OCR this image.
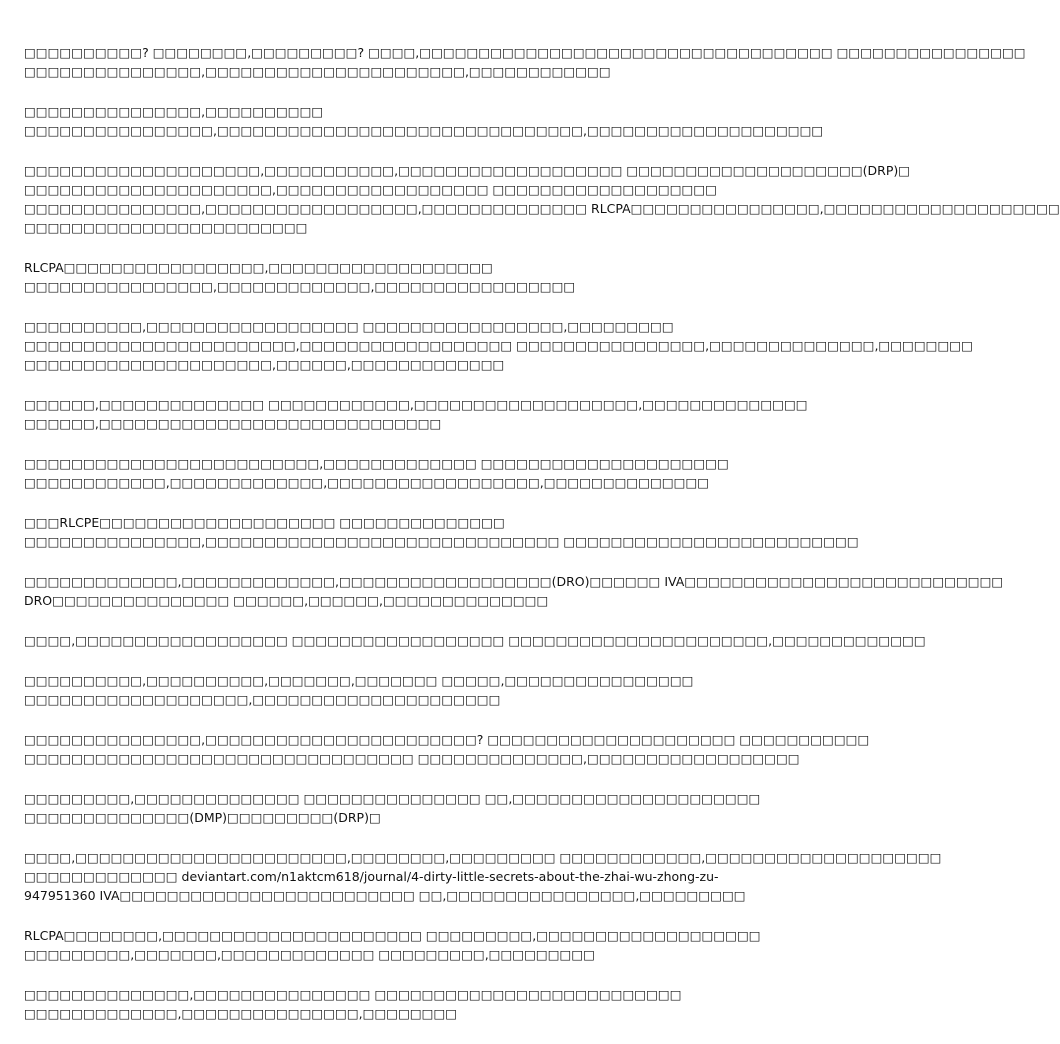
□□□□□□□□□□? □□□□□□□□,□□□□□□□□□? □□□□,□□□□□□□□□□□□□□□□□□□□□□□□□□□□□□□□□□□ □□□□□□□□□□□□□□□□
□□□□□□□□□□□□□□□,□□□□□□□□□□□□□□□□□□□□□□,□□□□□□□□□□□□

□□□□□□□□□□□□□□□,□□□□□□□□□□
□□□□□□□□□□□□□□□□,□□□□□□□□□□□□□□□□□□□□□□□□□□□□□□□,□□□□□□□□□□□□□□□□□□□□

□□□□□□□□□□□□□□□□□□□□,□□□□□□□□□□□,□□□□□□□□□□□□□□□□□□□ □□□□□□□□□□□□□□□□□□□□(DRP)□
□□□□□□□□□□□□□□□□□□□□□,□□□□□□□□□□□□□□□□□□ □□□□□□□□□□□□□□□□□□□
□□□□□□□□□□□□□□□,□□□□□□□□□□□□□□□□□□,□□□□□□□□□□□□□□ RLCPA□□□□□□□□□□□□□□□□,□□□□□□□□□□□□□□□□□□□□
□□□□□□□□□□□□□□□□□□□□□□□□

RLCPA□□□□□□□□□□□□□□□□□,□□□□□□□□□□□□□□□□□□□
□□□□□□□□□□□□□□□□,□□□□□□□□□□□□□,□□□□□□□□□□□□□□□□□

□□□□□□□□□□,□□□□□□□□□□□□□□□□□□ □□□□□□□□□□□□□□□□□,□□□□□□□□□
□□□□□□□□□□□□□□□□□□□□□□□,□□□□□□□□□□□□□□□□□□ □□□□□□□□□□□□□□□□,□□□□□□□□□□□□□□,□□□□□□□□
□□□□□□□□□□□□□□□□□□□□□,□□□□□□,□□□□□□□□□□□□□

□□□□□□,□□□□□□□□□□□□□□ □□□□□□□□□□□□,□□□□□□□□□□□□□□□□□□□,□□□□□□□□□□□□□□
□□□□□□,□□□□□□□□□□□□□□□□□□□□□□□□□□□□□

□□□□□□□□□□□□□□□□□□□□□□□□□,□□□□□□□□□□□□□ □□□□□□□□□□□□□□□□□□□□□
□□□□□□□□□□□□,□□□□□□□□□□□□□,□□□□□□□□□□□□□□□□□□,□□□□□□□□□□□□□□

□□□RLCPE□□□□□□□□□□□□□□□□□□□□ □□□□□□□□□□□□□□
□□□□□□□□□□□□□□□,□□□□□□□□□□□□□□□□□□□□□□□□□□□□□□ □□□□□□□□□□□□□□□□□□□□□□□□□

□□□□□□□□□□□□□,□□□□□□□□□□□□□,□□□□□□□□□□□□□□□□□□(DRO)□□□□□□ IVA□□□□□□□□□□□□□□□□□□□□□□□□□□□
DRO□□□□□□□□□□□□□□□ □□□□□□,□□□□□□,□□□□□□□□□□□□□□

□□□□,□□□□□□□□□□□□□□□□□□ □□□□□□□□□□□□□□□□□□ □□□□□□□□□□□□□□□□□□□□□□,□□□□□□□□□□□□□

□□□□□□□□□□,□□□□□□□□□□,□□□□□□□,□□□□□□□ □□□□□,□□□□□□□□□□□□□□□□
□□□□□□□□□□□□□□□□□□□,□□□□□□□□□□□□□□□□□□□□□

□□□□□□□□□□□□□□□,□□□□□□□□□□□□□□□□□□□□□□□? □□□□□□□□□□□□□□□□□□□□□ □□□□□□□□□□□
□□□□□□□□□□□□□□□□□□□□□□□□□□□□□□□□□ □□□□□□□□□□□□□□,□□□□□□□□□□□□□□□□□□

□□□□□□□□□,□□□□□□□□□□□□□□ □□□□□□□□□□□□□□□ □□,□□□□□□□□□□□□□□□□□□□□□
□□□□□□□□□□□□□□(DMP)□□□□□□□□□(DRP)□

□□□□,□□□□□□□□□□□□□□□□□□□□□□□,□□□□□□□□,□□□□□□□□□ □□□□□□□□□□□□,□□□□□□□□□□□□□□□□□□□□
□□□□□□□□□□□□□ deviantart.com/n1aktcm618/journal/4-dirty-little-secrets-about-the-zhai-wu-zhong-zu-
947951360 IVA□□□□□□□□□□□□□□□□□□□□□□□□□ □□,□□□□□□□□□□□□□□□□,□□□□□□□□□

RLCPA□□□□□□□□,□□□□□□□□□□□□□□□□□□□□□□ □□□□□□□□□,□□□□□□□□□□□□□□□□□□□
□□□□□□□□□,□□□□□□□,□□□□□□□□□□□□□ □□□□□□□□□,□□□□□□□□□

□□□□□□□□□□□□□□,□□□□□□□□□□□□□□□ □□□□□□□□□□□□□□□□□□□□□□□□□□
□□□□□□□□□□□□□,□□□□□□□□□□□□□□□,□□□□□□□□
